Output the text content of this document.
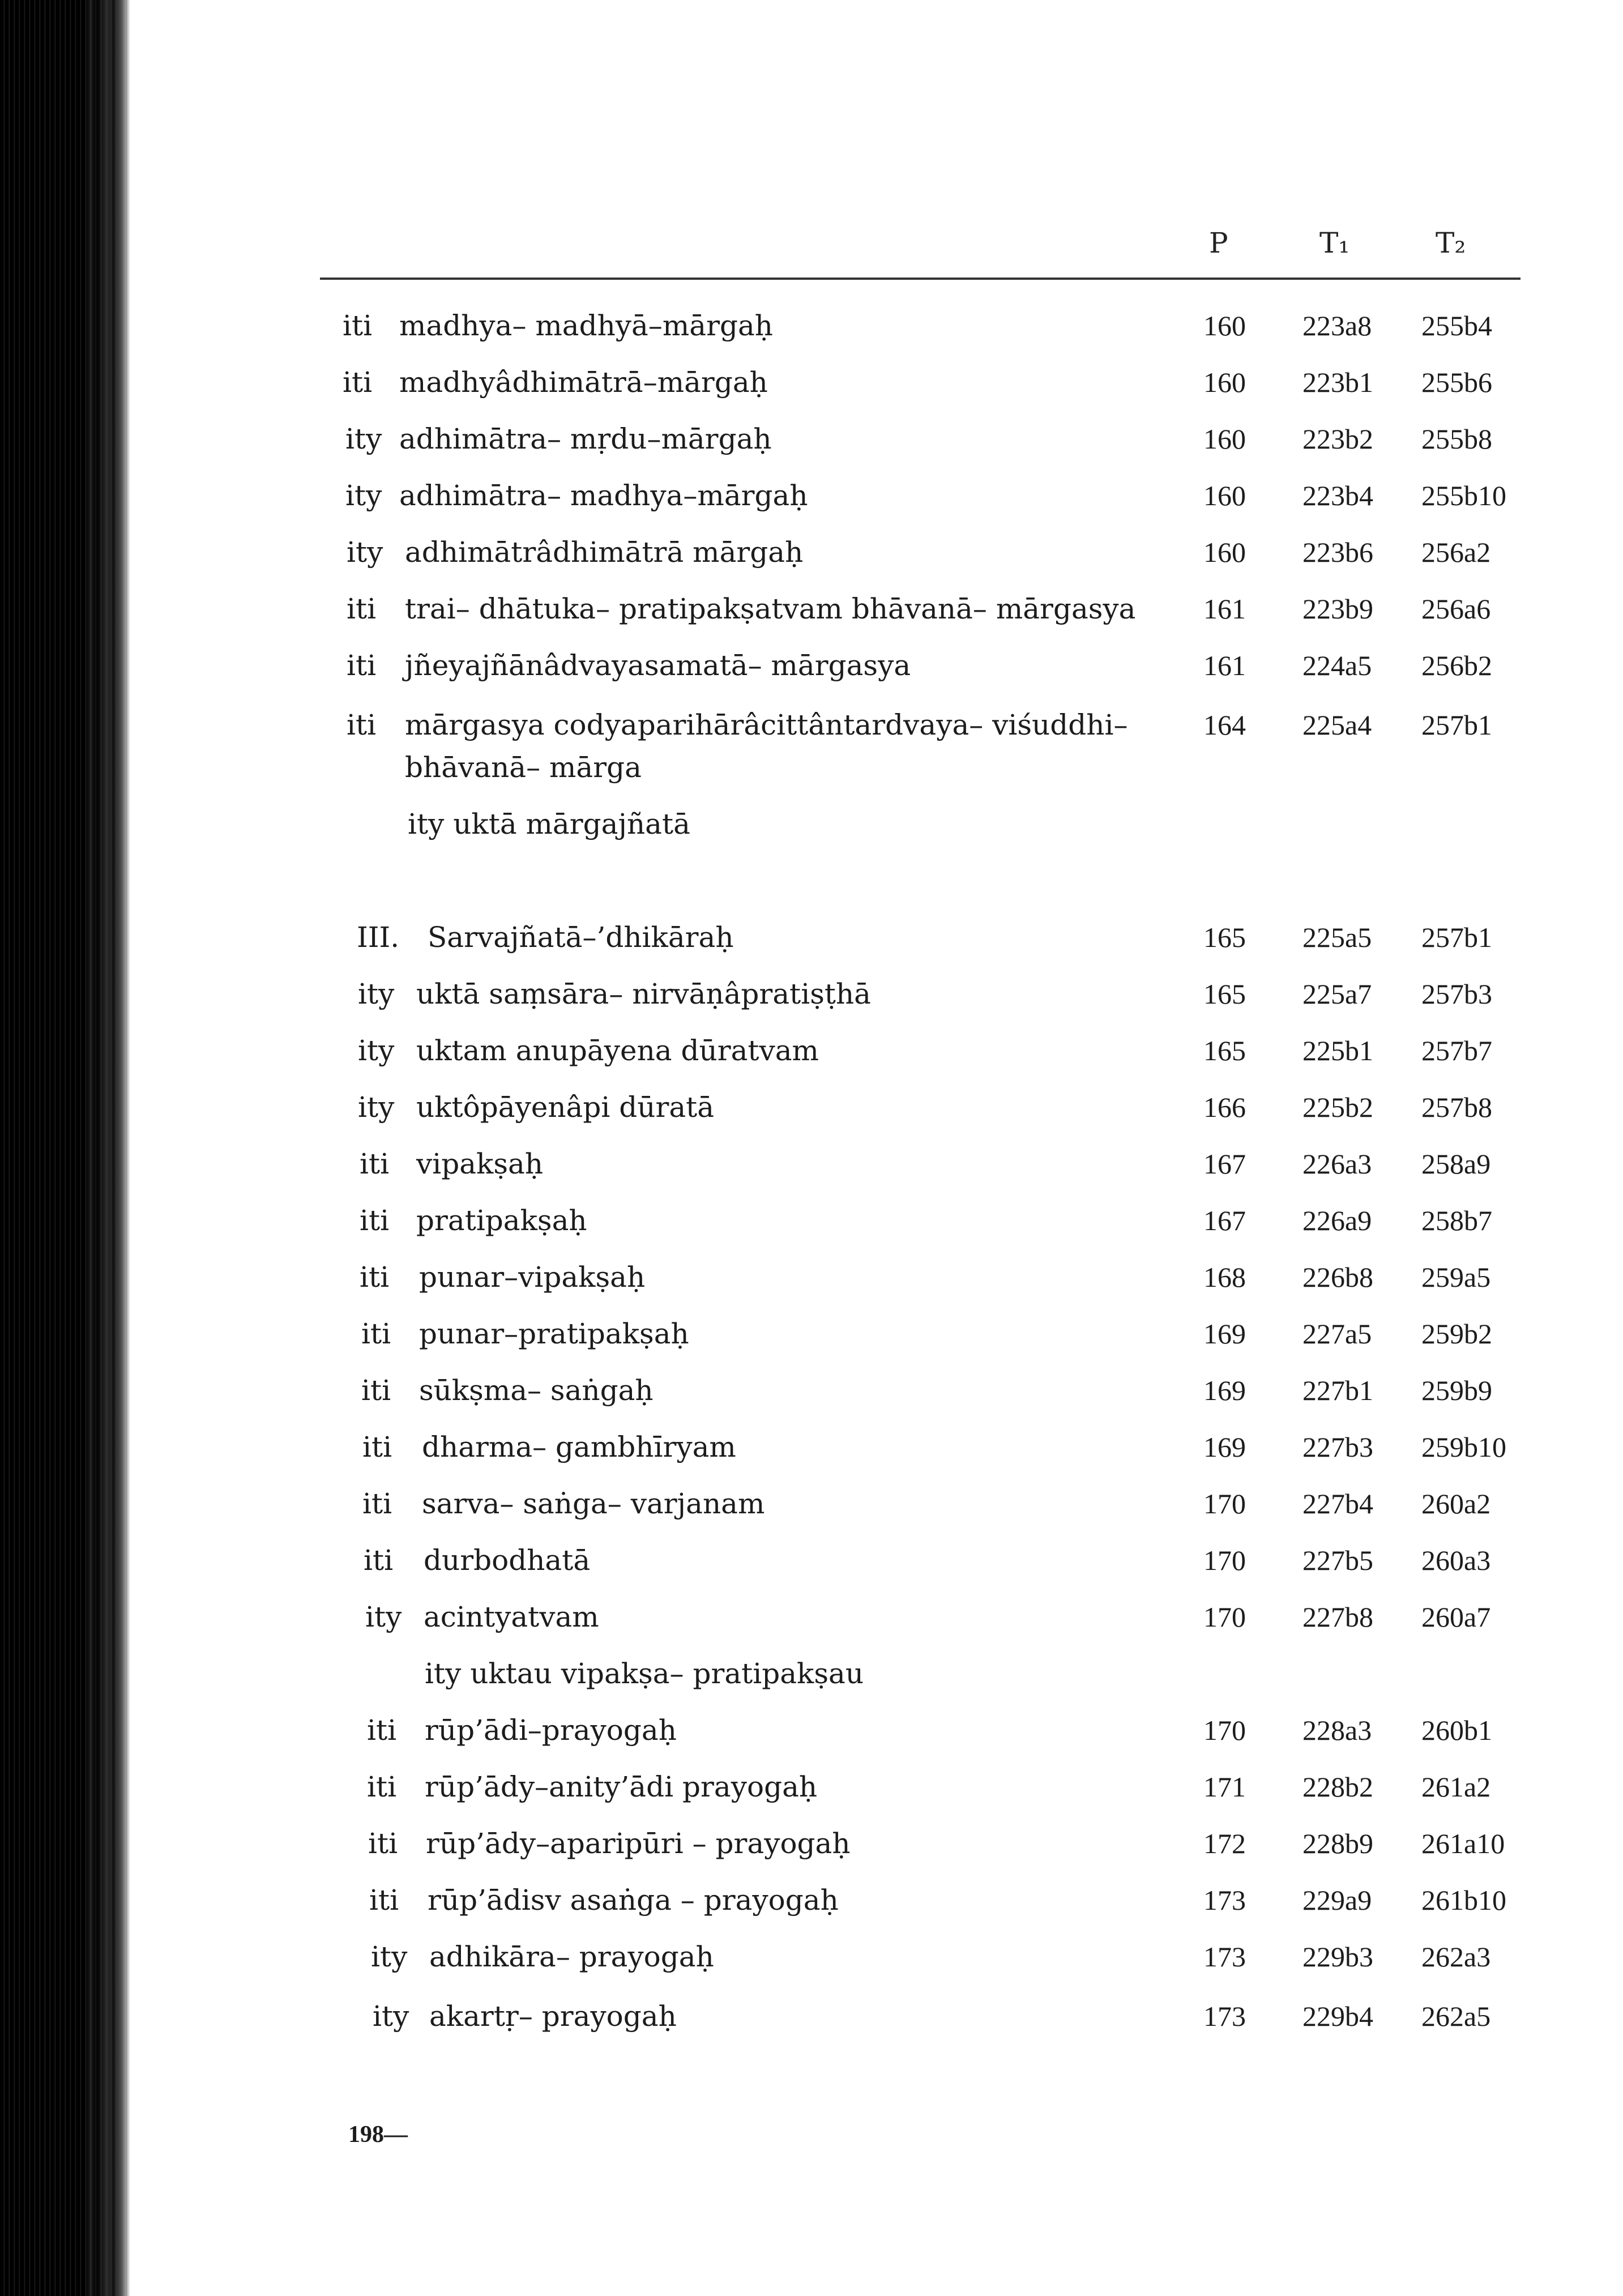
P	T₁	T₂
iti madhya– madhyā–mārgaḥ	160 223a8 255b4
iti madhyâdhimātrā–mārgaḥ	160 223b1 255b6
ity adhimātra– mṛdu–mārgaḥ	160 223b2 255b8
ity adhimātra– madhya–mārgaḥ	160 223b4 255b10
ity adhimātrâdhimātrā mārgaḥ	160 223b6 256a2
iti trai– dhātuka– pratipakṣatvam bhāvanā– mārgasya 161 223b9 256a6
iti jñeyajñānâdvayasamatā– mārgasya	161 224a5 256b2
iti mārgasya codyaparihārâcittântardvaya– viśuddhi–	164 225a4 257b1
bhāvanā– mārga
ity uktā mārgajñatā
III. Sarvajñatā–’dhikāraḥ	165 225a5 257b1
ity uktā saṃsāra– nirvāṇâpratiṣṭhā	165 225a7 257b3
ity uktam anupāyena dūratvam	165 225b1 257b7
ity uktôpāyenâpi dūratā	166 225b2 257b8
iti vipakṣaḥ	167 226a3 258a9
iti pratipakṣaḥ	167 226a9 258b7
iti punar–vipakṣaḥ	168 226b8 259a5
iti punar–pratipakṣaḥ	169 227a5 259b2
iti sūkṣma– saṅgaḥ	169 227b1 259b9
iti dharma– gambhīryam	169 227b3 259b10
iti sarva– saṅga– varjanam	170 227b4 260a2
iti durbodhatā	170 227b5 260a3
ity acintyatvam	170 227b8 260a7
ity uktau vipakṣa– pratipakṣau
iti rūp’ādi–prayogaḥ	170 228a3 260b1
iti rūp’ādy–anity’ādi prayogaḥ	171 228b2 261a2
iti rūp’ādy–aparipūri – prayogaḥ	172 228b9 261a10
iti rūp’ādisv asaṅga – prayogaḥ	173 229a9 261b10
ity adhikāra– prayogaḥ	173 229b3 262a3
ity akartṛ– prayogaḥ	173 229b4 262a5
198—
